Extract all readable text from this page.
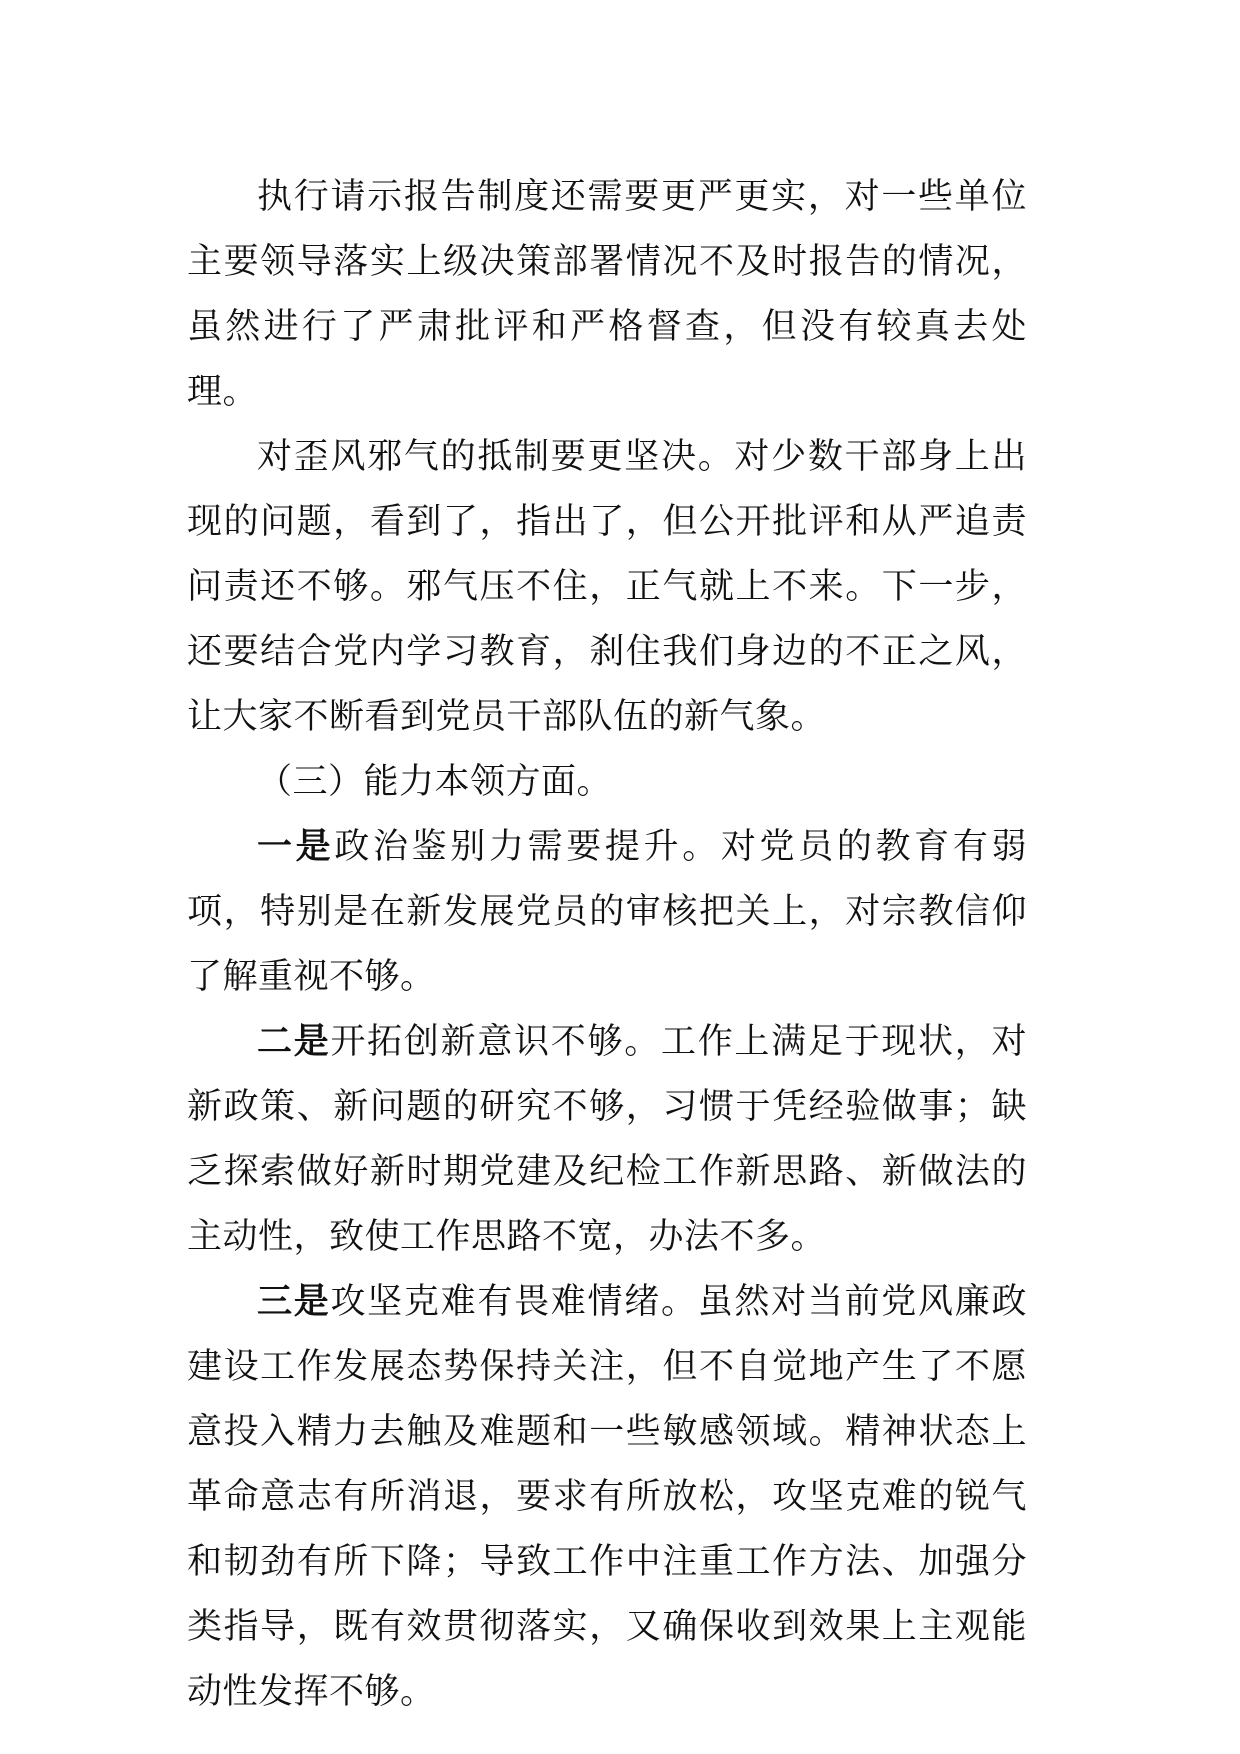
执行请示报告制度还需要更严更实，对一些单位主要领导落实上级决策部署情况不及时报告的情况，虽然进行了严肃批评和严格督查，但没有较真去处理。

对歪风邪气的抵制要更坚决。对少数干部身上出现的问题，看到了，指出了，但公开批评和从严追责问责还不够。邪气压不住，正气就上不来。下一步，还要结合党内学习教育，刹住我们身边的不正之风，让大家不断看到党员干部队伍的新气象。

（三）能力本领方面。

一是政治鉴别力需要提升。对党员的教育有弱项，特别是在新发展党员的审核把关上，对宗教信仰了解重视不够。

二是开拓创新意识不够。工作上满足于现状，对新政策、新问题的研究不够，习惯于凭经验做事；缺乏探索做好新时期党建及纪检工作新思路、新做法的主动性，致使工作思路不宽，办法不多。

三是攻坚克难有畏难情绪。虽然对当前党风廉政建设工作发展态势保持关注，但不自觉地产生了不愿意投入精力去触及难题和一些敏感领域。精神状态上革命意志有所消退，要求有所放松，攻坚克难的锐气和韧劲有所下降；导致工作中注重工作方法、加强分类指导，既有效贯彻落实，又确保收到效果上主观能动性发挥不够。
